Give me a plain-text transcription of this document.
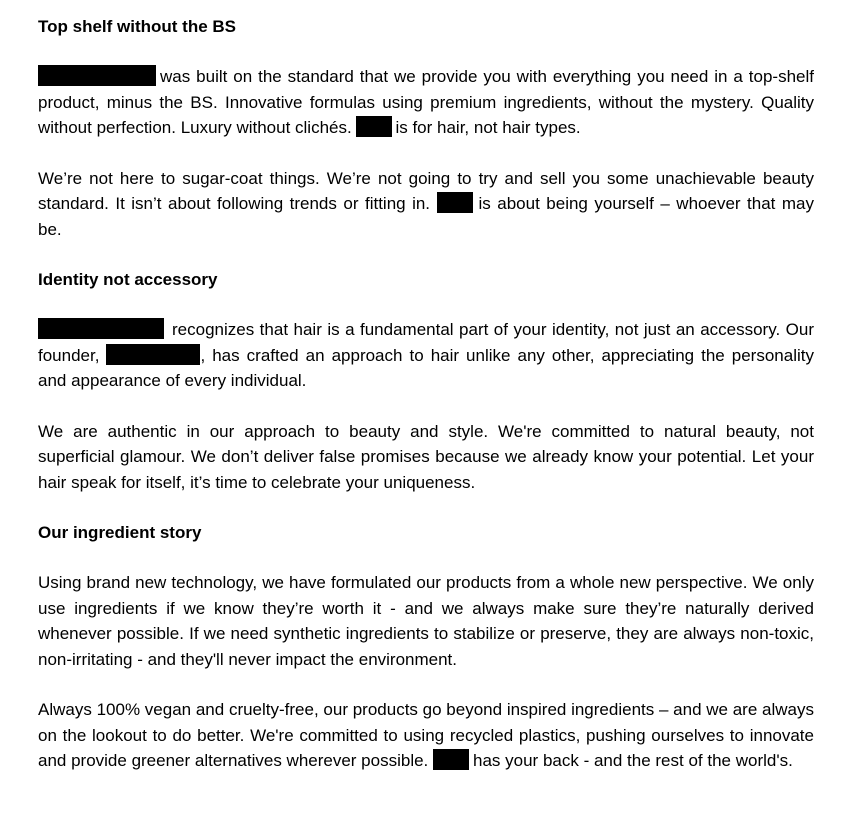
Top shelf without the BS
was built on the standard that we provide you with everything you need in a top-shelf product, minus the BS. Innovative formulas using premium ingredients, without the mystery. Quality without perfection. Luxury without clichés.	is for hair, not hair types.
We’re not here to sugar-coat things. We’re not going to try and sell you some unachievable beauty standard. It isn’t about following trends or fitting in.	is about being yourself – whoever that may be.
Identity not accessory
recognizes that hair is a fundamental part of your identity, not just an accessory. Our founder,	, has crafted an approach to hair unlike any other, appreciating the personality and appearance of every individual.
We are authentic in our approach to beauty and style. We're committed to natural beauty, not superficial glamour. We don’t deliver false promises because we already know your potential. Let your hair speak for itself, it’s time to celebrate your uniqueness.
Our ingredient story
Using brand new technology, we have formulated our products from a whole new perspective. We only use ingredients if we know they’re worth it - and we always make sure they’re naturally derived whenever possible. If we need synthetic ingredients to stabilize or preserve, they are always non-toxic, non-irritating - and they'll never impact the environment.
Always 100% vegan and cruelty-free, our products go beyond inspired ingredients – and we are always on the lookout to do better. We're committed to using recycled plastics, pushing ourselves to innovate and provide greener alternatives wherever possible.	has your back - and the rest of the world's.
